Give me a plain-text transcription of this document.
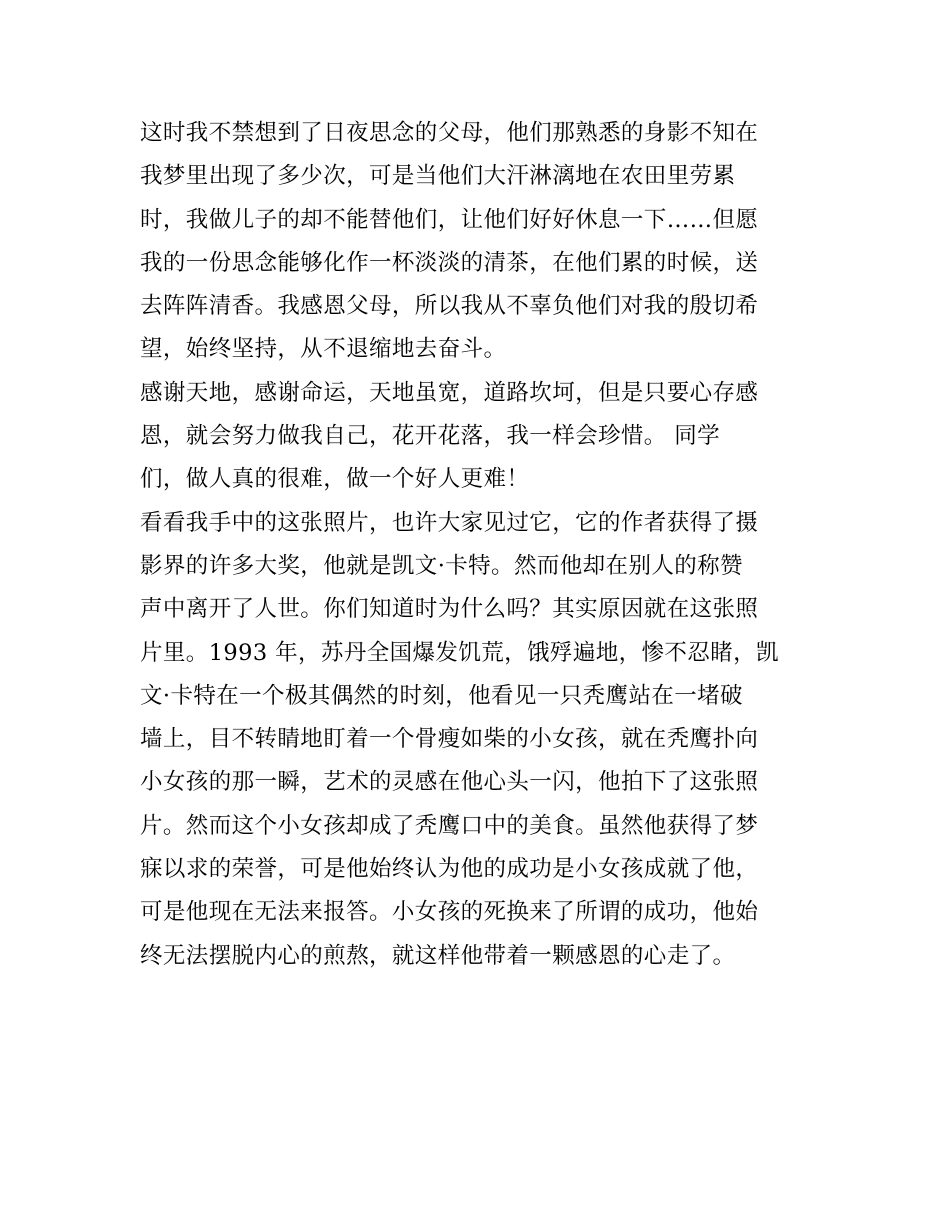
这时我不禁想到了日夜思念的父母，他们那熟悉的身影不知在
我梦里出现了多少次，可是当他们大汗淋漓地在农田里劳累
时，我做儿子的却不能替他们，让他们好好休息一下……但愿
我的一份思念能够化作一杯淡淡的清茶，在他们累的时候，送
去阵阵清香。我感恩父母，所以我从不辜负他们对我的殷切希
望，始终坚持，从不退缩地去奋斗。
感谢天地，感谢命运，天地虽宽，道路坎坷，但是只要心存感
恩，就会努力做我自己，花开花落，我一样会珍惜。 同学
们，做人真的很难，做一个好人更难！
看看我手中的这张照片，也许大家见过它，它的作者获得了摄
影界的许多大奖，他就是凯文·卡特。然而他却在别人的称赞
声中离开了人世。你们知道时为什么吗？其实原因就在这张照
片里。1993 年，苏丹全国爆发饥荒，饿殍遍地，惨不忍睹，凯
文·卡特在一个极其偶然的时刻，他看见一只秃鹰站在一堵破
墙上，目不转睛地盯着一个骨瘦如柴的小女孩，就在秃鹰扑向
小女孩的那一瞬，艺术的灵感在他心头一闪，他拍下了这张照
片。然而这个小女孩却成了秃鹰口中的美食。虽然他获得了梦
寐以求的荣誉，可是他始终认为他的成功是小女孩成就了他，
可是他现在无法来报答。小女孩的死换来了所谓的成功，他始
终无法摆脱内心的煎熬，就这样他带着一颗感恩的心走了。
